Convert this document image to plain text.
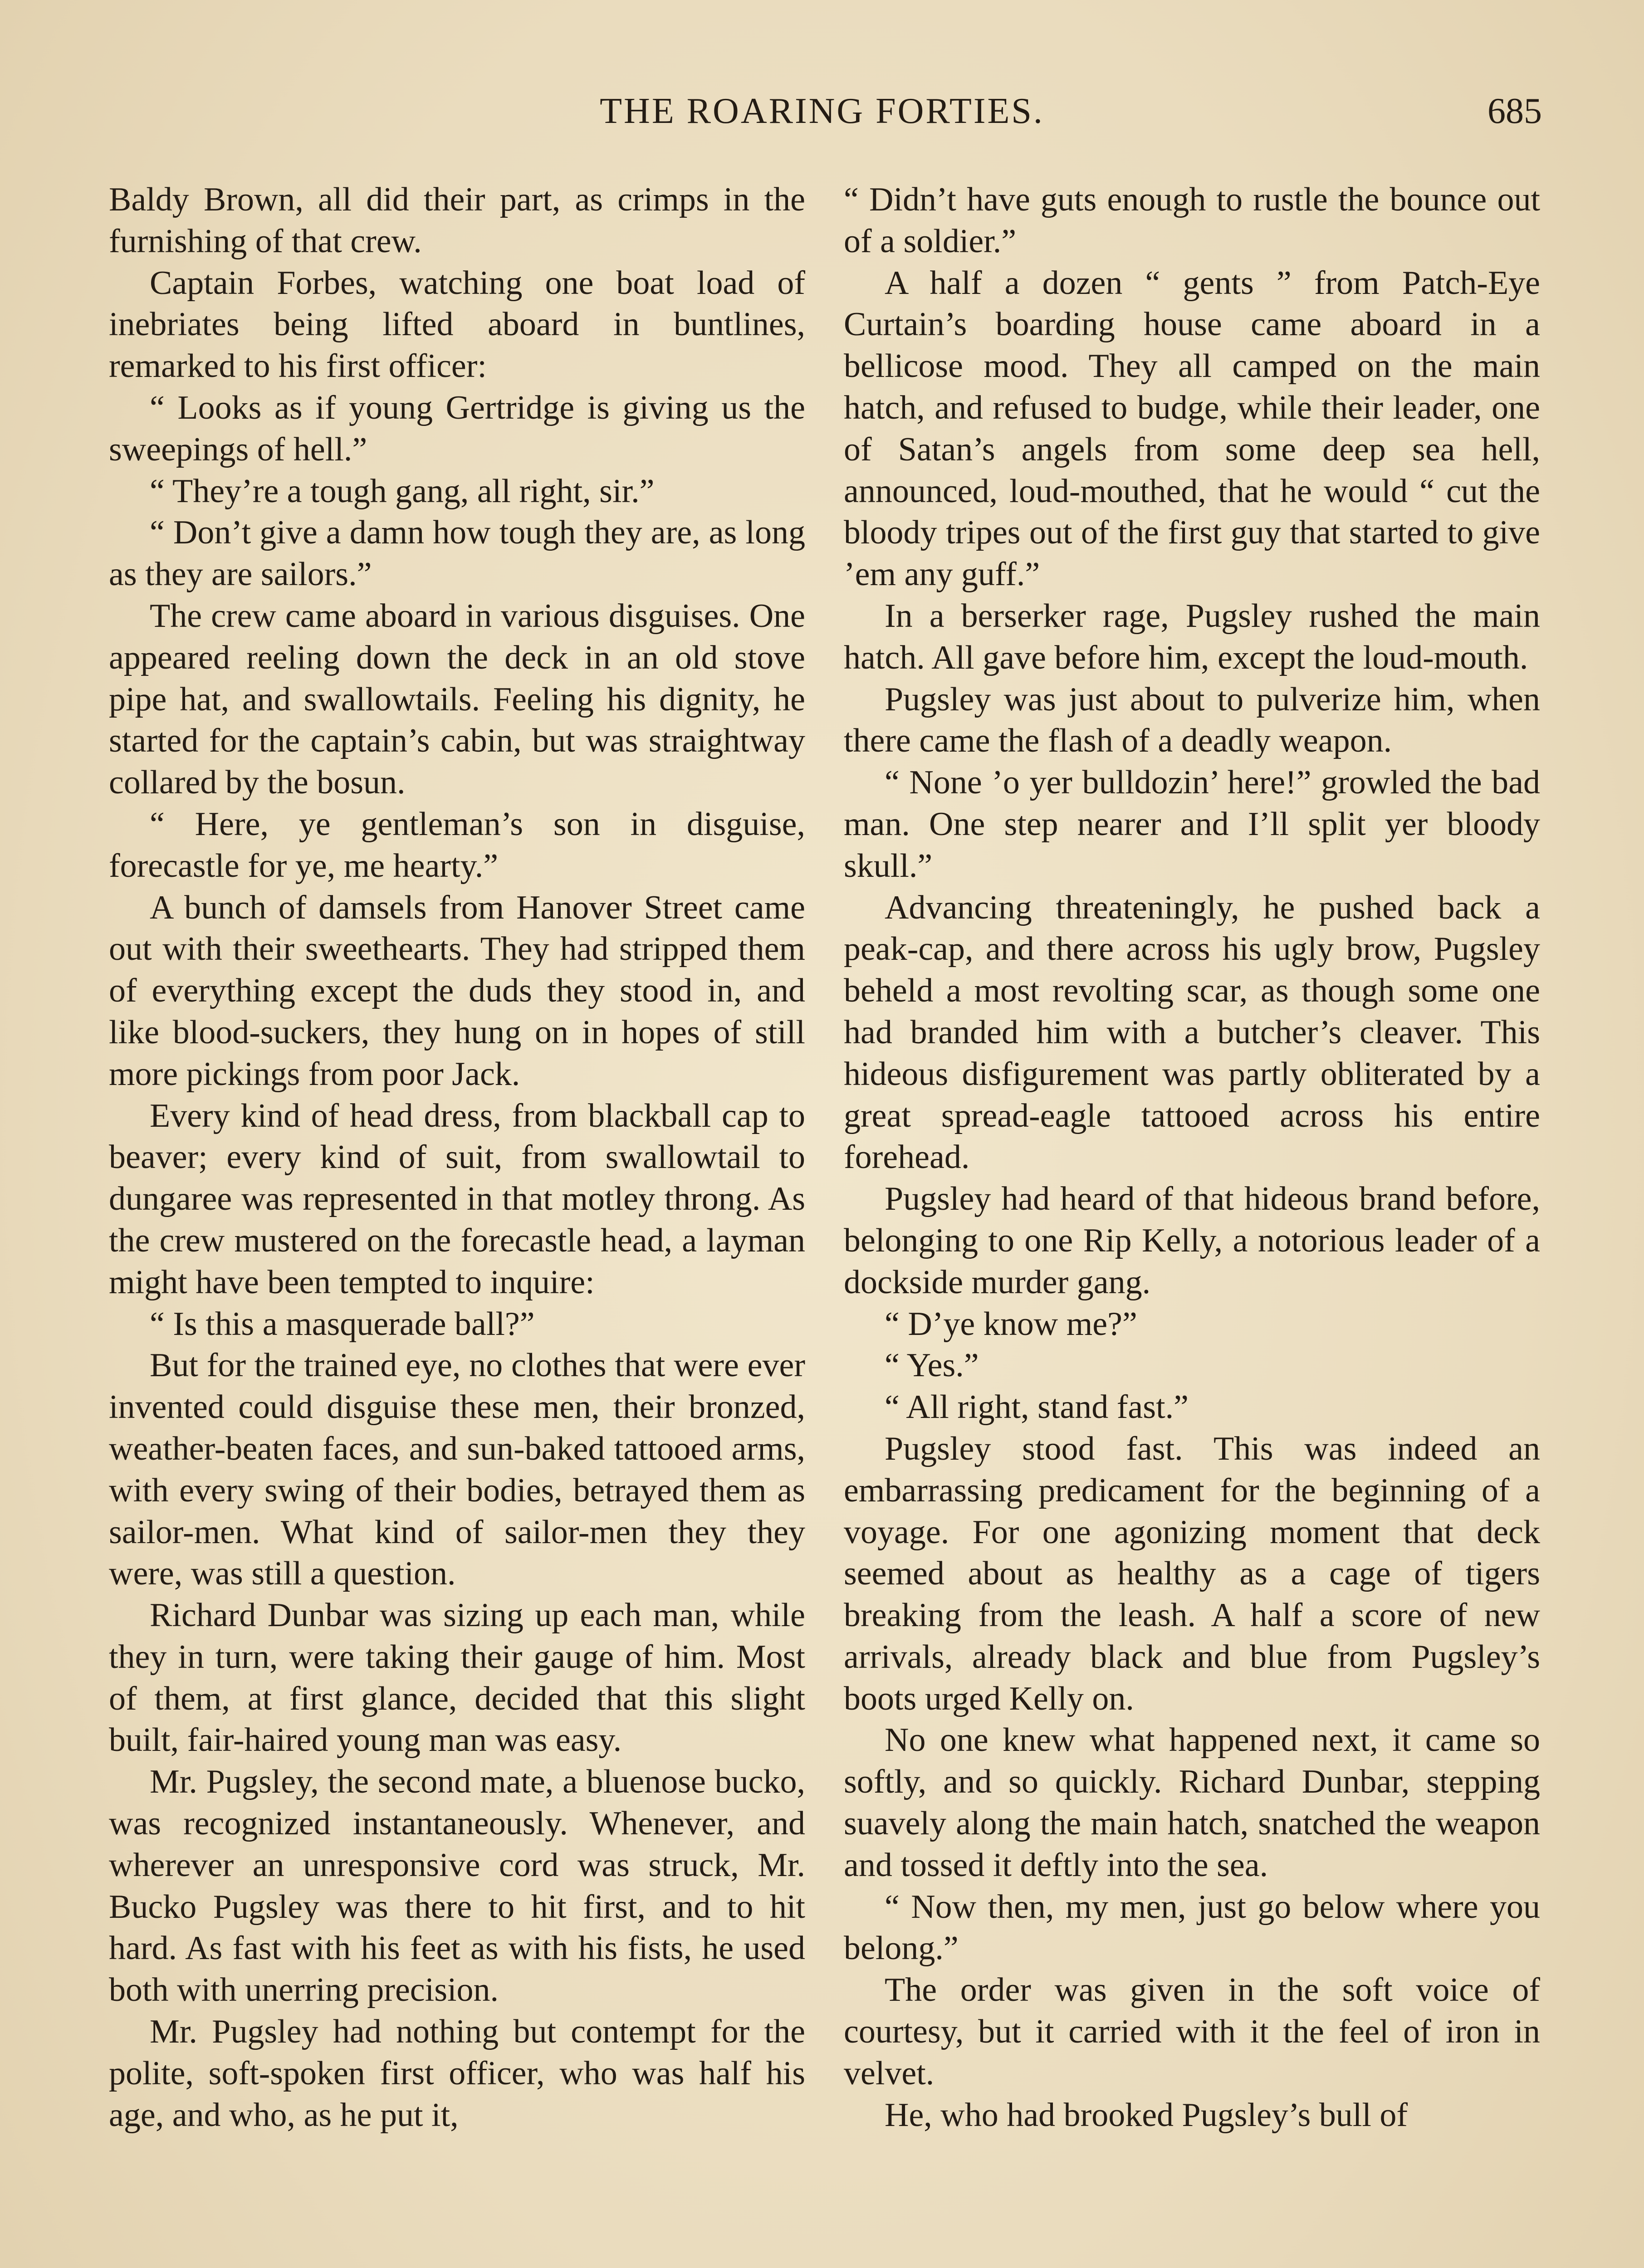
THE ROARING FORTIES.	685

Baldy Brown, all did their part, as crimps in the furnishing of that crew.

Captain Forbes, watching one boat load of inebriates being lifted aboard in buntlines, remarked to his first officer:

“ Looks as if young Gertridge is giving us the sweepings of hell.”

“ They’re a tough gang, all right, sir.”

“ Don’t give a damn how tough they are, as long as they are sailors.”

The crew came aboard in various disguises. One appeared reeling down the deck in an old stove pipe hat, and swallowtails. Feeling his dignity, he started for the captain’s cabin, but was straightway collared by the bosun.

“ Here, ye gentleman’s son in disguise, forecastle for ye, me hearty.”

A bunch of damsels from Hanover Street came out with their sweethearts. They had stripped them of everything except the duds they stood in, and like blood-suckers, they hung on in hopes of still more pickings from poor Jack.

Every kind of head dress, from blackball cap to beaver; every kind of suit, from swallowtail to dungaree was represented in that motley throng. As the crew mustered on the forecastle head, a layman might have been tempted to inquire:

“ Is this a masquerade ball?”

But for the trained eye, no clothes that were ever invented could disguise these men, their bronzed, weather-beaten faces, and sun-baked tattooed arms, with every swing of their bodies, betrayed them as sailor-men. What kind of sailor-men they they were, was still a question.

Richard Dunbar was sizing up each man, while they in turn, were taking their gauge of him. Most of them, at first glance, decided that this slight built, fair-haired young man was easy.

Mr. Pugsley, the second mate, a bluenose bucko, was recognized instantaneously. Whenever, and wherever an unresponsive cord was struck, Mr. Bucko Pugsley was there to hit first, and to hit hard. As fast with his feet as with his fists, he used both with unerring precision.

Mr. Pugsley had nothing but contempt for the polite, soft-spoken first officer, who was half his age, and who, as he put it,

“ Didn’t have guts enough to rustle the bounce out of a soldier.”

A half a dozen “ gents ” from Patch-Eye Curtain’s boarding house came aboard in a bellicose mood. They all camped on the main hatch, and refused to budge, while their leader, one of Satan’s angels from some deep sea hell, announced, loud-mouthed, that he would “ cut the bloody tripes out of the first guy that started to give ’em any guff.”

In a berserker rage, Pugsley rushed the main hatch. All gave before him, except the loud-mouth.

Pugsley was just about to pulverize him, when there came the flash of a deadly weapon.

“ None ’o yer bulldozin’ here!” growled the bad man. One step nearer and I’ll split yer bloody skull.”

Advancing threateningly, he pushed back a peak-cap, and there across his ugly brow, Pugsley beheld a most revolting scar, as though some one had branded him with a butcher’s cleaver. This hideous disfigurement was partly obliterated by a great spread-eagle tattooed across his entire forehead.

Pugsley had heard of that hideous brand before, belonging to one Rip Kelly, a notorious leader of a dockside murder gang.

“ D’ye know me?”

“ Yes.”

“ All right, stand fast.”

Pugsley stood fast. This was indeed an embarrassing predicament for the beginning of a voyage. For one agonizing moment that deck seemed about as healthy as a cage of tigers breaking from the leash. A half a score of new arrivals, already black and blue from Pugsley’s boots urged Kelly on.

No one knew what happened next, it came so softly, and so quickly. Richard Dunbar, stepping suavely along the main hatch, snatched the weapon and tossed it deftly into the sea.

“ Now then, my men, just go below where you belong.”

The order was given in the soft voice of courtesy, but it carried with it the feel of iron in velvet.

He, who had brooked Pugsley’s bull of
